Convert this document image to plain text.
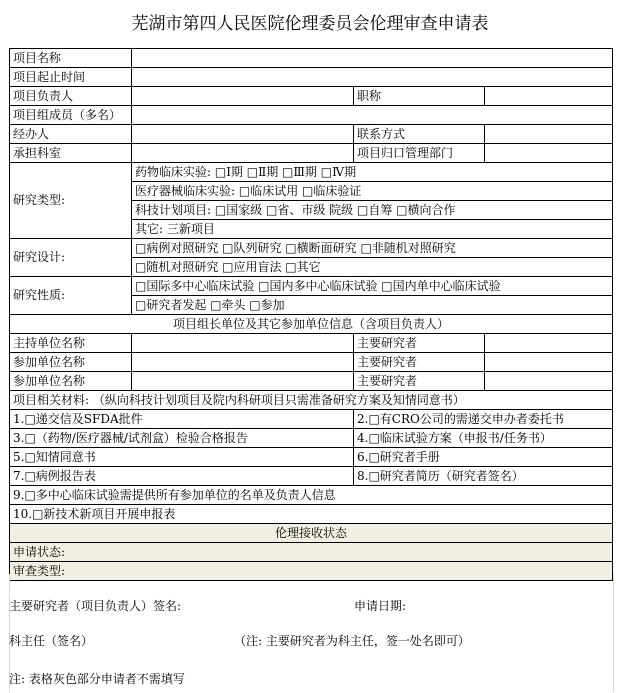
芜湖市第四人民医院伦理委员会伦理审查申请表
项目名称			
项目起止时间			
项目负责人		职称	
项目组成员（多名）			
经办人		联系方式	
承担科室		项目归口管理部门	
研究类型:	药物临床实验: □Ⅰ期 □Ⅱ期 □Ⅲ期 □Ⅳ期		
	医疗器械临床实验: □临床试用 □临床验证		
	科技计划项目: □国家级 □省、市级 院级 □自筹 □横向合作		
	其它: 三新项目		
研究设计:	□病例对照研究 □队列研究 □横断面研究 □非随机对照研究		
	□随机对照研究 □应用盲法 □其它		
研究性质:	□国际多中心临床试验 □国内多中心临床试验 □国内单中心临床试验		
	□研究者发起 □牵头 □参加		
项目组长单位及其它参加单位信息（含项目负责人）			
主持单位名称		主要研究者	
参加单位名称		主要研究者	
参加单位名称		主要研究者	
项目相关材料: （纵向科技计划项目及院内科研项目只需准备研究方案及知情同意书）			
1.□递交信及SFDA批件		2.□有CRO公司的需递交申办者委托书	
3.□（药物/医疗器械/试剂盒）检验合格报告		4.□临床试验方案（申报书/任务书）	
5.□知情同意书		6.□研究者手册	
7.□病例报告表		8.□研究者简历（研究者签名）	
9.□多中心临床试验需提供所有参加单位的名单及负责人信息			
10.□新技术新项目开展申报表			
伦理接收状态			
申请状态:			
审查类型:			
主要研究者（项目负责人）签名:	申请日期:
科主任（签名）	（注: 主要研究者为科主任，签一处名即可）
注: 表格灰色部分申请者不需填写
